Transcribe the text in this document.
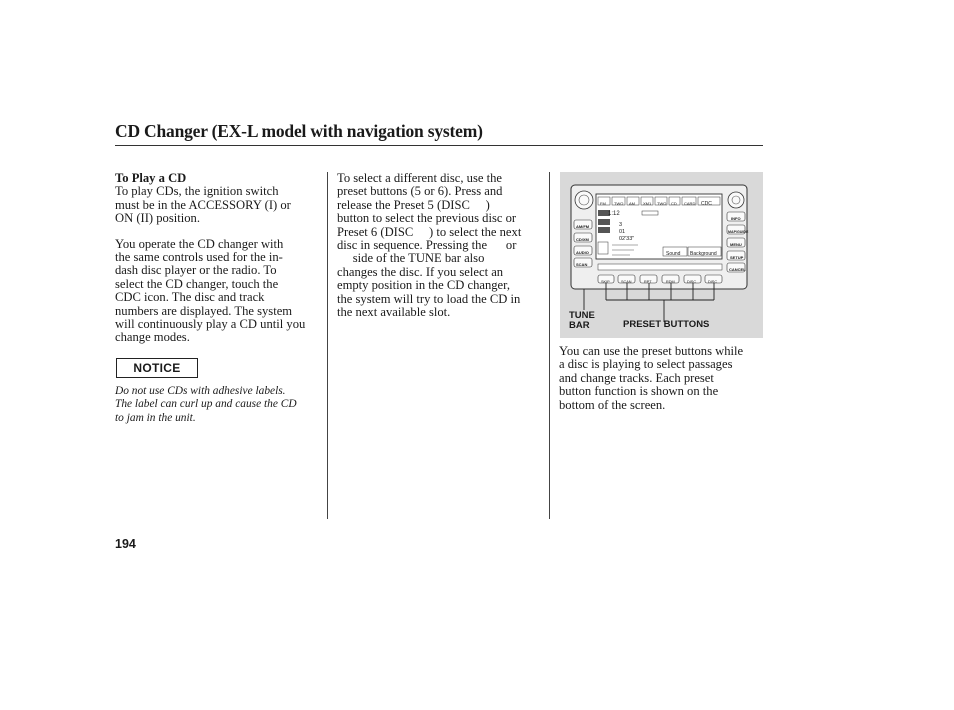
CD Changer (EX-L model with navigation system)

To Play a CD

To play CDs, the ignition switch

must be in the ACCESSORY (I) or

ON (II) position.

You operate the CD changer with

the same controls used for the in-

dash disc player or the radio. To

select the CD changer, touch the

CDC icon. The disc and track

numbers are displayed. The system

will continuously play a CD until you

change modes.

NOTICE

Do not use CDs with adhesive labels.

The label can curl up and cause the CD

to jam in the unit.

To select a different disc, use the

preset buttons (5 or 6). Press and

release the Preset 5 (DISC     )

button to select the previous disc or

Preset 6 (DISC     ) to select the next

disc in sequence. Pressing the      or

side of the TUNE bar also

changes the disc. If you select an

empty position in the CD changer,

the system will try to load the CD in

the next available slot.

FM TWO AM XM1 TWO CD CARD CDC
1:12
3
01
02'33"
Sound Background
AM/FM
CD/XM
AUDIO
SCAN
INFO
MAP/GUIDE
MENU
SETUP
CANCEL
SKIP	SCAN	RPT	RDM	DISC	DISC
TUNE
BAR	PRESET BUTTONS

You can use the preset buttons while

a disc is playing to select passages

and change tracks. Each preset

button function is shown on the

bottom of the screen.

194
